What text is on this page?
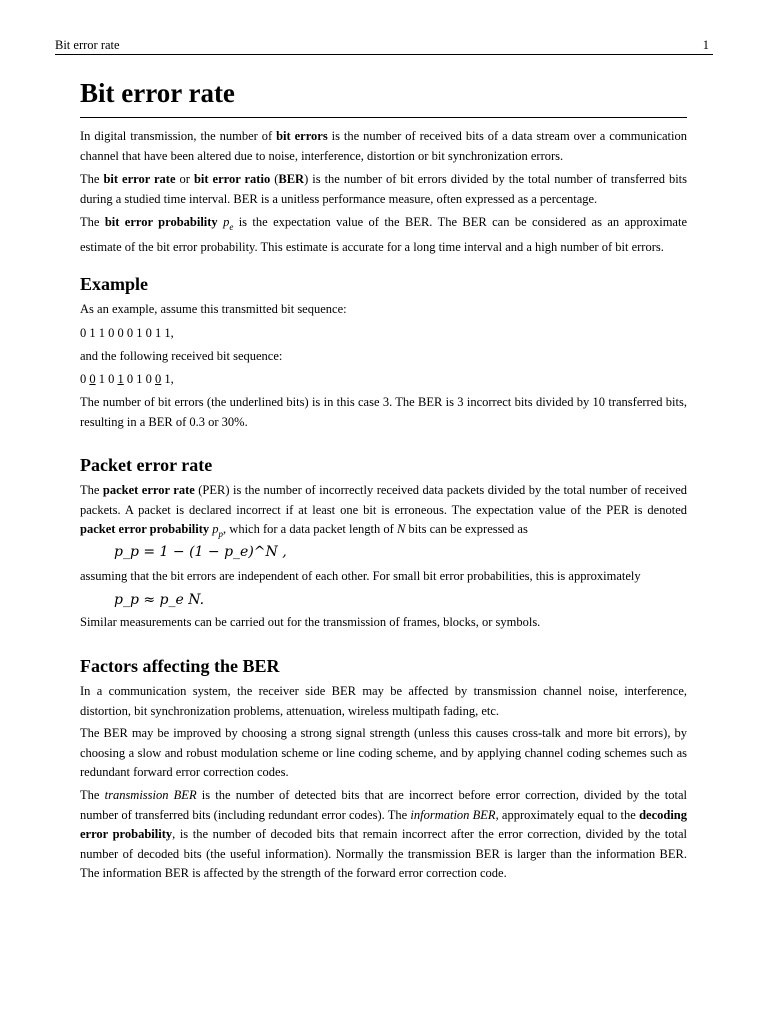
Bit error rate	1
Bit error rate

In digital transmission, the number of bit errors is the number of received bits of a data stream over a communication channel that have been altered due to noise, interference, distortion or bit synchronization errors.

The bit error rate or bit error ratio (BER) is the number of bit errors divided by the total number of transferred bits during a studied time interval. BER is a unitless performance measure, often expressed as a percentage.

The bit error probability $p_e$ is the expectation value of the BER. The BER can be considered as an approximate estimate of the bit error probability. This estimate is accurate for a long time interval and a high number of bit errors.

Example

As an example, assume this transmitted bit sequence:

0 1 1 0 0 0 1 0 1 1,

and the following received bit sequence:

0 0 1 0 1 0 1 0 0 1,

The number of bit errors (the underlined bits) is in this case 3. The BER is 3 incorrect bits divided by 10 transferred bits, resulting in a BER of 0.3 or 30%.

Packet error rate

The packet error rate (PER) is the number of incorrectly received data packets divided by the total number of received packets. A packet is declared incorrect if at least one bit is erroneous. The expectation value of the PER is denoted packet error probability $p_p$, which for a data packet length of N bits can be expressed as

p_p = 1 − (1 − p_e)^N ,

assuming that the bit errors are independent of each other. For small bit error probabilities, this is approximately

p_p ≈ p_e N.

Similar measurements can be carried out for the transmission of frames, blocks, or symbols.

Factors affecting the BER

In a communication system, the receiver side BER may be affected by transmission channel noise, interference, distortion, bit synchronization problems, attenuation, wireless multipath fading, etc.

The BER may be improved by choosing a strong signal strength (unless this causes cross-talk and more bit errors), by choosing a slow and robust modulation scheme or line coding scheme, and by applying channel coding schemes such as redundant forward error correction codes.

The transmission BER is the number of detected bits that are incorrect before error correction, divided by the total number of transferred bits (including redundant error codes). The information BER, approximately equal to the decoding error probability, is the number of decoded bits that remain incorrect after the error correction, divided by the total number of decoded bits (the useful information). Normally the transmission BER is larger than the information BER. The information BER is affected by the strength of the forward error correction code.
